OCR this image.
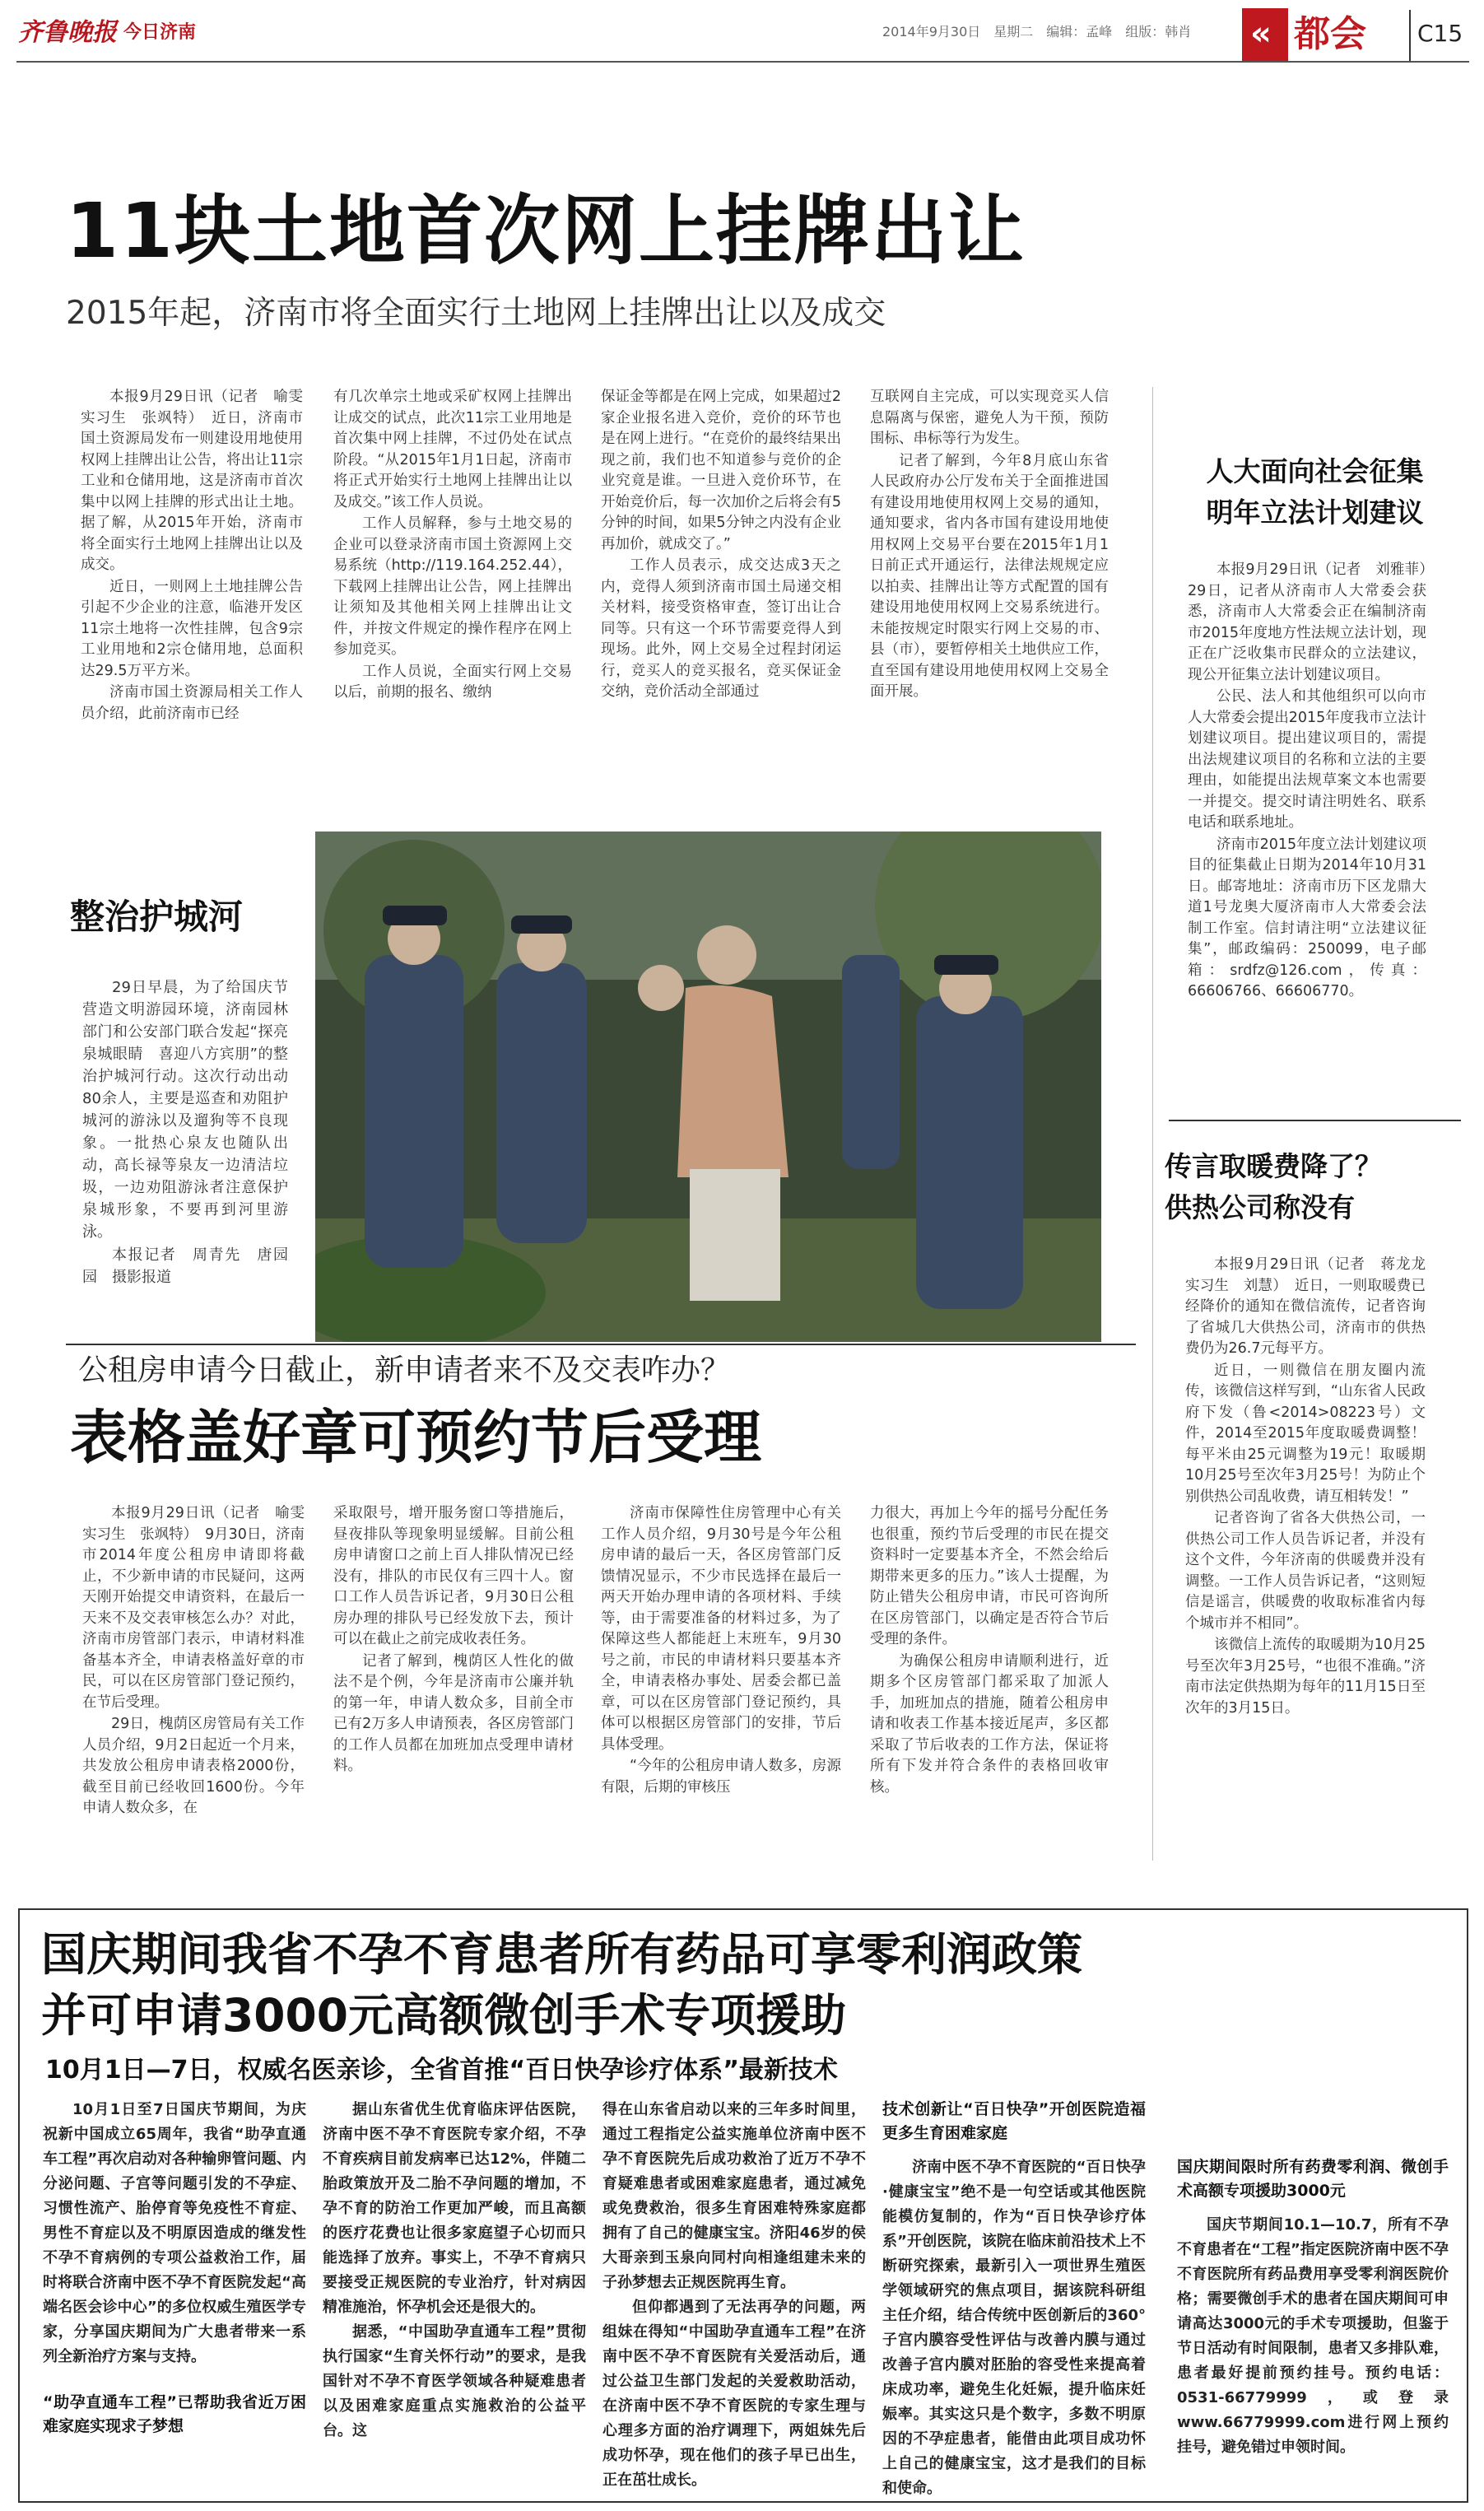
齐鲁晚报 今日济南	2014年9月30日　星期二　编辑：孟峰　组版：韩肖 « 都会 C15
11块土地首次网上挂牌出让
2015年起，济南市将全面实行土地网上挂牌出让以及成交

本报9月29日讯（记者　喻雯　实习生　张飒特）　近日，济南市国土资源局发布一则建设用地使用权网上挂牌出让公告，将出让11宗工业和仓储用地，这是济南市首次集中以网上挂牌的形式出让土地。据了解，从2015年开始，济南市将全面实行土地网上挂牌出让以及成交。

近日，一则网上土地挂牌公告引起不少企业的注意，临港开发区11宗土地将一次性挂牌，包含9宗工业用地和2宗仓储用地，总面积达29.5万平方米。

济南市国土资源局相关工作人员介绍，此前济南市已经

有几次单宗土地或采矿权网上挂牌出让成交的试点，此次11宗工业用地是首次集中网上挂牌，不过仍处在试点阶段。“从2015年1月1日起，济南市将正式开始实行土地网上挂牌出让以及成交。”该工作人员说。

工作人员解释，参与土地交易的企业可以登录济南市国土资源网上交易系统（http://119.164.252.44），下载网上挂牌出让公告，网上挂牌出让须知及其他相关网上挂牌出让文件，并按文件规定的操作程序在网上参加竞买。

工作人员说，全面实行网上交易以后，前期的报名、缴纳

保证金等都是在网上完成，如果超过2家企业报名进入竞价，竞价的环节也是在网上进行。“在竞价的最终结果出现之前，我们也不知道参与竞价的企业究竟是谁。一旦进入竞价环节，在开始竞价后，每一次加价之后将会有5分钟的时间，如果5分钟之内没有企业再加价，就成交了。”

工作人员表示，成交达成3天之内，竞得人须到济南市国土局递交相关材料，接受资格审查，签订出让合同等。只有这一个环节需要竞得人到现场。此外，网上交易全过程封闭运行，竞买人的竞买报名，竞买保证金交纳，竞价活动全部通过

互联网自主完成，可以实现竞买人信息隔离与保密，避免人为干预，预防围标、串标等行为发生。

记者了解到，今年8月底山东省人民政府办公厅发布关于全面推进国有建设用地使用权网上交易的通知，通知要求，省内各市国有建设用地使用权网上交易平台要在2015年1月1日前正式开通运行，法律法规规定应以拍卖、挂牌出让等方式配置的国有建设用地使用权网上交易系统进行。未能按规定时限实行网上交易的市、县（市），要暂停相关土地供应工作，直至国有建设用地使用权网上交易全面开展。

人大面向社会征集
明年立法计划建议

本报9月29日讯（记者　刘雅菲）　29日，记者从济南市人大常委会获悉，济南市人大常委会正在编制济南市2015年度地方性法规立法计划，现正在广泛收集市民群众的立法建议，现公开征集立法计划建议项目。

公民、法人和其他组织可以向市人大常委会提出2015年度我市立法计划建议项目。提出建议项目的，需提出法规建议项目的名称和立法的主要理由，如能提出法规草案文本也需要一并提交。提交时请注明姓名、联系电话和联系地址。

济南市2015年度立法计划建议项目的征集截止日期为2014年10月31日。邮寄地址：济南市历下区龙鼎大道1号龙奥大厦济南市人大常委会法制工作室。信封请注明“立法建议征集”，邮政编码：250099，电子邮箱：srdfz@126.com，传真：66606766、66606770。

传言取暖费降了？
供热公司称没有

本报9月29日讯（记者　蒋龙龙　实习生　刘慧）　近日，一则取暖费已经降价的通知在微信流传，记者咨询了省城几大供热公司，济南市的供热费仍为26.7元每平方。

近日，一则微信在朋友圈内流传，该微信这样写到，“山东省人民政府下发（鲁<2014>08223号）文件，2014至2015年度取暖费调整！每平米由25元调整为19元！取暖期10月25号至次年3月25号！为防止个别供热公司乱收费，请互相转发！”

记者咨询了省各大供热公司，一供热公司工作人员告诉记者，并没有这个文件，今年济南的供暖费并没有调整。一工作人员告诉记者，“这则短信是谣言，供暖费的收取标准省内每个城市并不相同”。

该微信上流传的取暖期为10月25号至次年3月25号，“也很不准确。”济南市法定供热期为每年的11月15日至次年的3月15日。

整治护城河

29日早晨，为了给国庆节营造文明游园环境，济南园林部门和公安部门联合发起“探亮泉城眼睛　喜迎八方宾朋”的整治护城河行动。这次行动出动80余人，主要是巡查和劝阻护城河的游泳以及遛狗等不良现象。一批热心泉友也随队出动，高长禄等泉友一边清洁垃圾，一边劝阻游泳者注意保护泉城形象，不要再到河里游泳。

本报记者　周青先　唐园园　摄影报道

公租房申请今日截止，新申请者来不及交表咋办？
表格盖好章可预约节后受理

本报9月29日讯（记者　喻雯　实习生　张飒特）　9月30日，济南市2014年度公租房申请即将截止，不少新申请的市民疑问，这两天刚开始提交申请资料，在最后一天来不及交表审核怎么办？对此，济南市房管部门表示，申请材料准备基本齐全，申请表格盖好章的市民，可以在区房管部门登记预约，在节后受理。

29日，槐荫区房管局有关工作人员介绍，9月2日起近一个月来，共发放公租房申请表格2000份，截至目前已经收回1600份。今年申请人数众多，在

采取限号，增开服务窗口等措施后，昼夜排队等现象明显缓解。目前公租房申请窗口之前上百人排队情况已经没有，排队的市民仅有三四十人。窗口工作人员告诉记者，9月30日公租房办理的排队号已经发放下去，预计可以在截止之前完成收表任务。

记者了解到，槐荫区人性化的做法不是个例，今年是济南市公廉并轨的第一年，申请人数众多，目前全市已有2万多人申请预表，各区房管部门的工作人员都在加班加点受理申请材料。

济南市保障性住房管理中心有关工作人员介绍，9月30号是今年公租房申请的最后一天，各区房管部门反馈情况显示，不少市民选择在最后一两天开始办理申请的各项材料、手续等，由于需要准备的材料过多，为了保障这些人都能赶上末班车，9月30号之前，市民的申请材料只要基本齐全，申请表格办事处、居委会都已盖章，可以在区房管部门登记预约，具体可以根据区房管部门的安排，节后具体受理。

“今年的公租房申请人数多，房源有限，后期的审核压

力很大，再加上今年的摇号分配任务也很重，预约节后受理的市民在提交资料时一定要基本齐全，不然会给后期带来更多的压力。”该人士提醒，为防止错失公租房申请，市民可咨询所在区房管部门，以确定是否符合节后受理的条件。

为确保公租房申请顺利进行，近期多个区房管部门都采取了加派人手，加班加点的措施，随着公租房申请和收表工作基本接近尾声，多区都采取了节后收表的工作方法，保证将所有下发并符合条件的表格回收审核。

国庆期间我省不孕不育患者所有药品可享零利润政策
并可申请3000元高额微创手术专项援助
10月1日—7日，权威名医亲诊，全省首推“百日快孕诊疗体系”最新技术

10月1日至7日国庆节期间，为庆祝新中国成立65周年，我省“助孕直通车工程”再次启动对各种输卵管问题、内分泌问题、子宫等问题引发的不孕症、习惯性流产、胎停育等免疫性不育症、男性不育症以及不明原因造成的继发性不孕不育病例的专项公益救治工作，届时将联合济南中医不孕不育医院发起“高端名医会诊中心”的多位权威生殖医学专家，分享国庆期间为广大患者带来一系列全新治疗方案与支持。

“助孕直通车工程”已帮助我省近万困难家庭实现求子梦想

据山东省优生优育临床评估医院，济南中医不孕不育医院专家介绍，不孕不育疾病目前发病率已达12%，伴随二胎政策放开及二胎不孕问题的增加，不孕不育的防治工作更加严峻，而且高额的医疗花费也让很多家庭望子心切而只能选择了放弃。事实上，不孕不育病只要接受正规医院的专业治疗，针对病因精准施治，怀孕机会还是很大的。

据悉，“中国助孕直通车工程”贯彻执行国家“生育关怀行动”的要求，是我国针对不孕不育医学领域各种疑难患者以及困难家庭重点实施救治的公益平台。这

得在山东省启动以来的三年多时间里，通过工程指定公益实施单位济南中医不孕不育医院先后成功救治了近万不孕不育疑难患者或困难家庭患者，通过减免或免费救治，很多生育困难特殊家庭都拥有了自己的健康宝宝。济阳46岁的侯大哥亲到玉泉向同村向相逢组建未来的子孙梦想去正规医院再生育。

但仰都遇到了无法再孕的问题，两组妹在得知“中国助孕直通车工程”在济南中医不孕不育医院有关爱活动后，通过公益卫生部门发起的关爱救助活动，在济南中医不孕不育医院的专家生理与心理多方面的治疗调理下，两姐妹先后成功怀孕，现在他们的孩子早已出生，正在茁壮成长。

技术创新让“百日快孕”开创医院造福更多生育困难家庭

济南中医不孕不育医院的“百日快孕·健康宝宝”绝不是一句空话或其他医院能模仿复制的，作为“百日快孕诊疗体系”开创医院，该院在临床前沿技术上不断研究探索，最新引入一项世界生殖医学领域研究的焦点项目，据该院科研组主任介绍，结合传统中医创新后的360°子宫内膜容受性评估与改善内膜与通过改善子宫内膜对胚胎的容受性来提高着床成功率，避免生化妊娠，提升临床妊娠率。其实这只是个数字，多数不明原因的不孕症患者，能借由此项目成功怀上自己的健康宝宝，这才是我们的目标和使命。

国庆期间限时所有药费零利润、微创手术高额专项援助3000元

国庆节期间10.1—10.7，所有不孕不育患者在“工程”指定医院济南中医不孕不育医院所有药品费用享受零利润医院价格；需要微创手术的患者在国庆期间可申请高达3000元的手术专项援助，但鉴于节日活动有时间限制，患者又多排队难，患者最好提前预约挂号。预约电话：0531-66779999，或登录www.66779999.com进行网上预约挂号，避免错过申领时间。
